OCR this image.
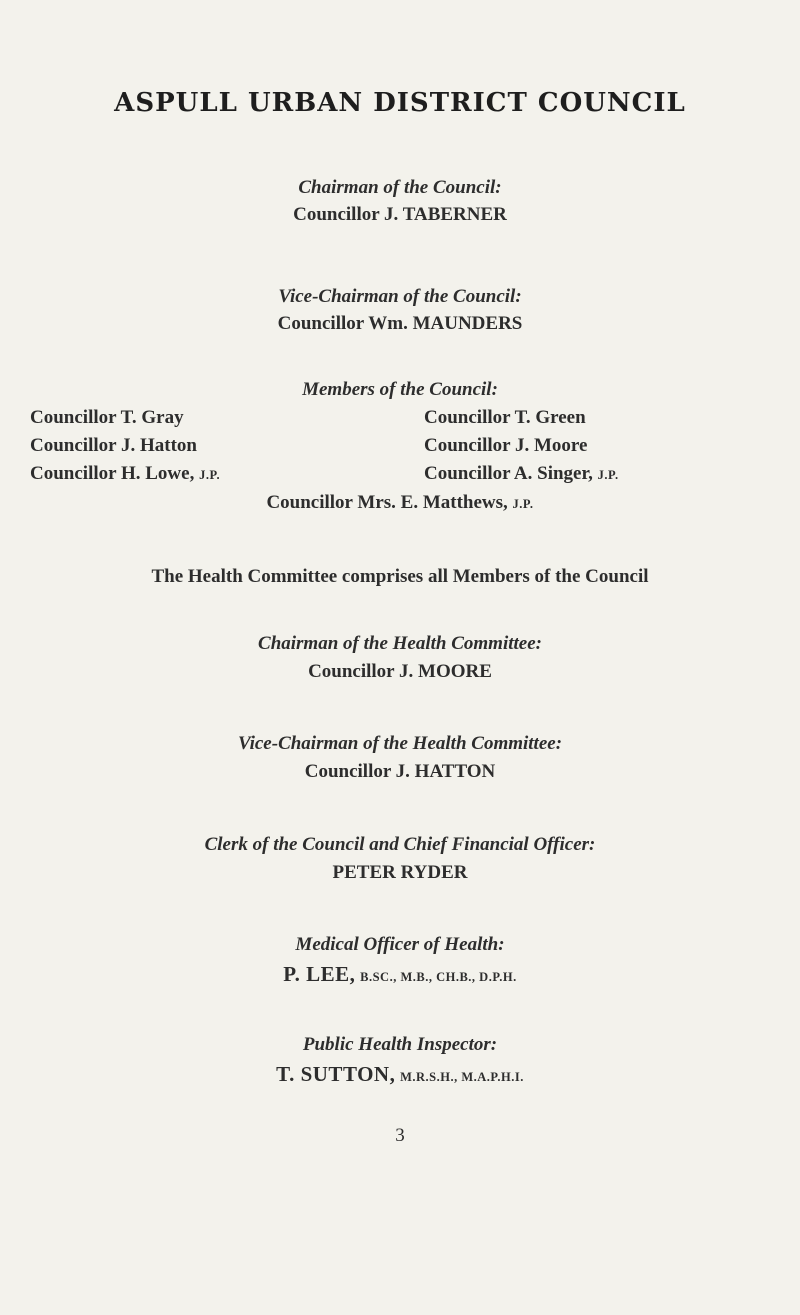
ASPULL URBAN DISTRICT COUNCIL
Chairman of the Council:
Councillor J. TABERNER
Vice-Chairman of the Council:
Councillor Wm. MAUNDERS
Members of the Council:
Councillor T. Gray
Councillor J. Hatton
Councillor H. Lowe, J.P.
Councillor T. Green
Councillor J. Moore
Councillor A. Singer, J.P.
Councillor Mrs. E. Matthews, J.P.
The Health Committee comprises all Members of the Council
Chairman of the Health Committee:
Councillor J. MOORE
Vice-Chairman of the Health Committee:
Councillor J. HATTON
Clerk of the Council and Chief Financial Officer:
PETER RYDER
Medical Officer of Health:
P. LEE, B.SC., M.B., CH.B., D.P.H.
Public Health Inspector:
T. SUTTON, M.R.S.H., M.A.P.H.I.
3
